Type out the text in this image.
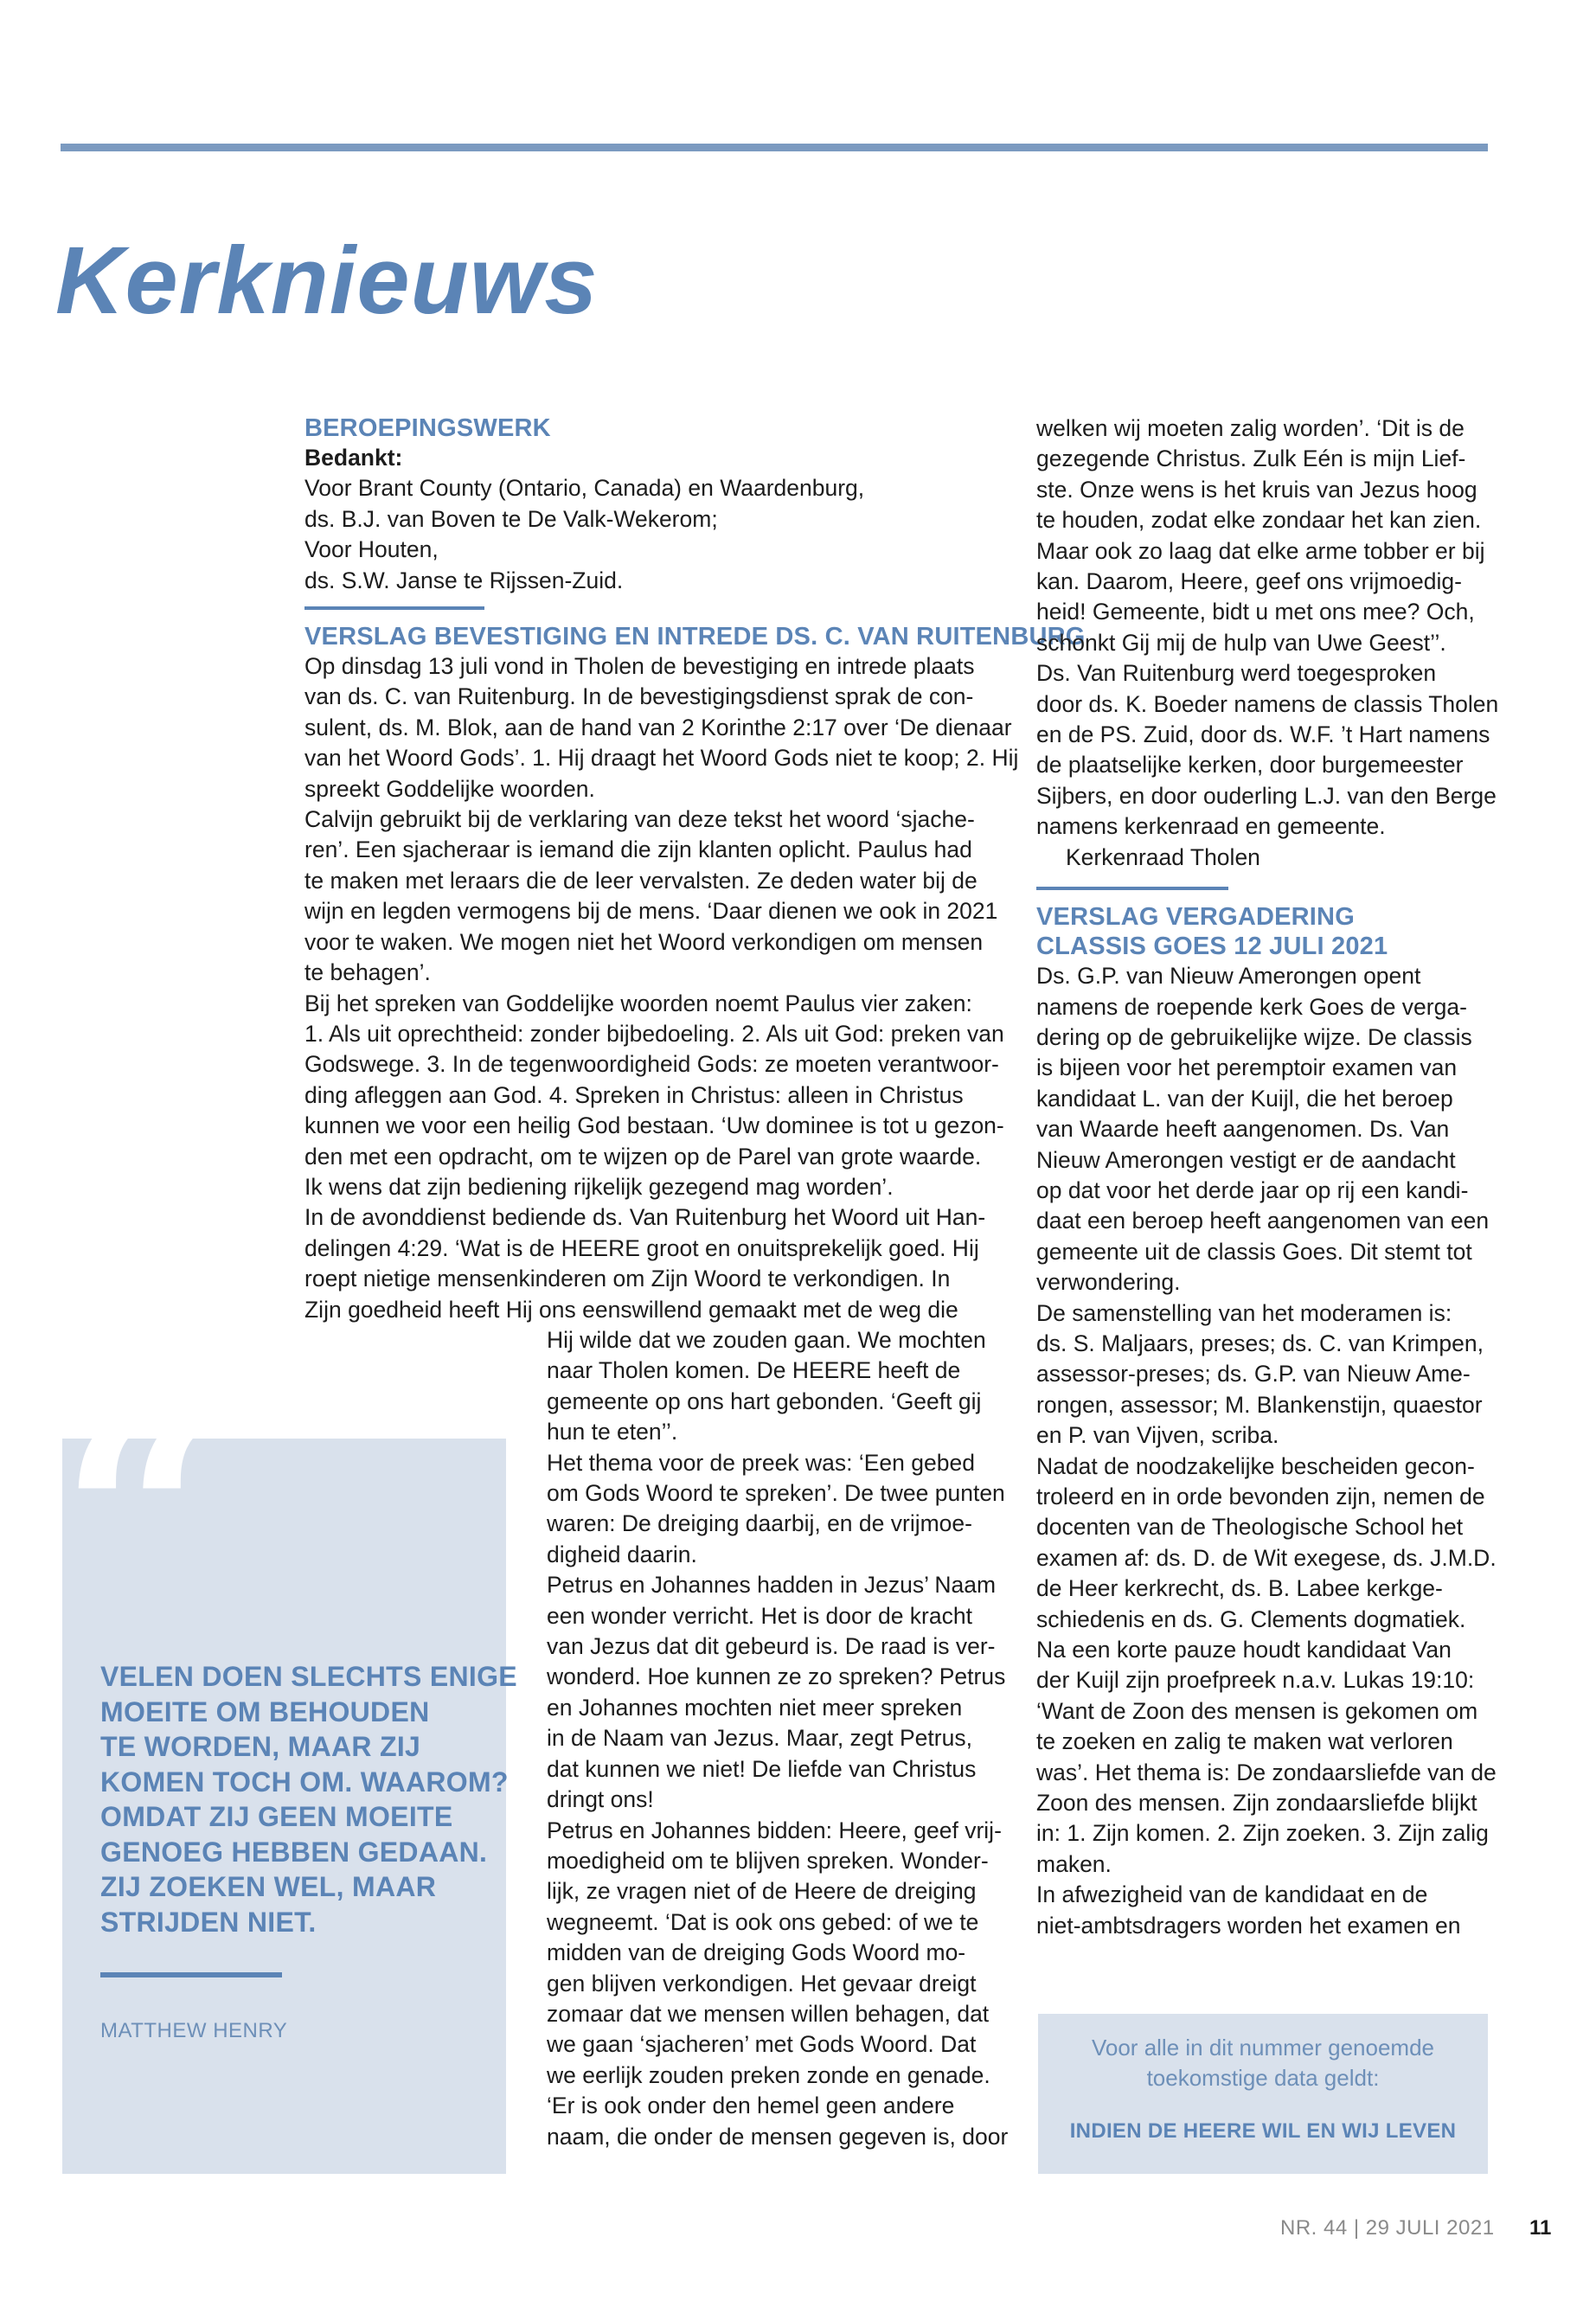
Kerknieuws

BEROEPINGSWERK

Bedankt:

Voor Brant County (Ontario, Canada) en Waardenburg,

ds. B.J. van Boven te De Valk-Wekerom;

Voor Houten,

ds. S.W. Janse te Rijssen-Zuid.

VERSLAG BEVESTIGING EN INTREDE DS. C. VAN RUITENBURG

Op dinsdag 13 juli vond in Tholen de bevestiging en intrede plaats

van ds. C. van Ruitenburg. In de bevestigingsdienst sprak de con-

sulent, ds. M. Blok, aan de hand van 2 Korinthe 2:17 over ‘De dienaar

van het Woord Gods’. 1. Hij draagt het Woord Gods niet te koop; 2. Hij

spreekt Goddelijke woorden.

Calvijn gebruikt bij de verklaring van deze tekst het woord ‘sjache-

ren’. Een sjacheraar is iemand die zijn klanten oplicht. Paulus had

te maken met leraars die de leer vervalsten. Ze deden water bij de

wijn en legden vermogens bij de mens. ‘Daar dienen we ook in 2021

voor te waken. We mogen niet het Woord verkondigen om mensen

te behagen’.

Bij het spreken van Goddelijke woorden noemt Paulus vier zaken:

1. Als uit oprechtheid: zonder bijbedoeling. 2. Als uit God: preken van

Godswege. 3. In de tegenwoordigheid Gods: ze moeten verantwoor-

ding afleggen aan God. 4. Spreken in Christus: alleen in Christus

kunnen we voor een heilig God bestaan. ‘Uw dominee is tot u gezon-

den met een opdracht, om te wijzen op de Parel van grote waarde.

Ik wens dat zijn bediening rijkelijk gezegend mag worden’.

In de avonddienst bediende ds. Van Ruitenburg het Woord uit Han-

delingen 4:29. ‘Wat is de HEERE groot en onuitsprekelijk goed. Hij

roept nietige mensenkinderen om Zijn Woord te verkondigen. In

Zijn goedheid heeft Hij ons eenswillend gemaakt met de weg die

Hij wilde dat we zouden gaan. We mochten

naar Tholen komen. De HEERE heeft de

gemeente op ons hart gebonden. ‘Geeft gij

hun te eten’’.

Het thema voor de preek was: ‘Een gebed

om Gods Woord te spreken’. De twee punten

waren: De dreiging daarbij, en de vrijmoe-

digheid daarin.

Petrus en Johannes hadden in Jezus’ Naam

een wonder verricht. Het is door de kracht

van Jezus dat dit gebeurd is. De raad is ver-

wonderd. Hoe kunnen ze zo spreken? Petrus

en Johannes mochten niet meer spreken

in de Naam van Jezus. Maar, zegt Petrus,

dat kunnen we niet! De liefde van Christus

dringt ons!

Petrus en Johannes bidden: Heere, geef vrij-

moedigheid om te blijven spreken. Wonder-

lijk, ze vragen niet of de Heere de dreiging

wegneemt. ‘Dat is ook ons gebed: of we te

midden van de dreiging Gods Woord mo-

gen blijven verkondigen. Het gevaar dreigt

zomaar dat we mensen willen behagen, dat

we gaan ‘sjacheren’ met Gods Woord. Dat

we eerlijk zouden preken zonde en genade.

‘Er is ook onder den hemel geen andere

naam, die onder de mensen gegeven is, door

welken wij moeten zalig worden’. ‘Dit is de

gezegende Christus. Zulk Eén is mijn Lief-

ste. Onze wens is het kruis van Jezus hoog

te houden, zodat elke zondaar het kan zien.

Maar ook zo laag dat elke arme tobber er bij

kan. Daarom, Heere, geef ons vrijmoedig-

heid! Gemeente, bidt u met ons mee? Och,

schonkt Gij mij de hulp van Uwe Geest’’.

Ds. Van Ruitenburg werd toegesproken

door ds. K. Boeder namens de classis Tholen

en de PS. Zuid, door ds. W.F. ’t Hart namens

de plaatselijke kerken, door burgemeester

Sijbers, en door ouderling L.J. van den Berge

namens kerkenraad en gemeente.

Kerkenraad Tholen

VERSLAG VERGADERING

CLASSIS GOES 12 JULI 2021

Ds. G.P. van Nieuw Amerongen opent

namens de roepende kerk Goes de verga-

dering op de gebruikelijke wijze. De classis

is bijeen voor het peremptoir examen van

kandidaat L. van der Kuijl, die het beroep

van Waarde heeft aangenomen. Ds. Van

Nieuw Amerongen vestigt er de aandacht

op dat voor het derde jaar op rij een kandi-

daat een beroep heeft aangenomen van een

gemeente uit de classis Goes. Dit stemt tot

verwondering.

De samenstelling van het moderamen is:

ds. S. Maljaars, preses; ds. C. van Krimpen,

assessor-preses; ds. G.P. van Nieuw Ame-

rongen, assessor; M. Blankenstijn, quaestor

en P. van Vijven, scriba.

Nadat de noodzakelijke bescheiden gecon-

troleerd en in orde bevonden zijn, nemen de

docenten van de Theologische School het

examen af: ds. D. de Wit exegese, ds. J.M.D.

de Heer kerkrecht, ds. B. Labee kerkge-

schiedenis en ds. G. Clements dogmatiek.

Na een korte pauze houdt kandidaat Van

der Kuijl zijn proefpreek n.a.v. Lukas 19:10:

‘Want de Zoon des mensen is gekomen om

te zoeken en zalig te maken wat verloren

was’. Het thema is: De zondaarsliefde van de

Zoon des mensen. Zijn zondaarsliefde blijkt

in: 1. Zijn komen. 2. Zijn zoeken. 3. Zijn zalig

maken.

In afwezigheid van de kandidaat en de

niet-ambtsdragers worden het examen en

“

VELEN DOEN SLECHTS ENIGE

MOEITE OM BEHOUDEN

TE WORDEN, MAAR ZIJ

KOMEN TOCH OM. WAAROM?

OMDAT ZIJ GEEN MOEITE

GENOEG HEBBEN GEDAAN.

ZIJ ZOEKEN WEL, MAAR

STRIJDEN NIET.

MATTHEW HENRY
Voor alle in dit nummer genoemde
toekomstige data geldt:
INDIEN DE HEERE WIL EN WIJ LEVEN
NR. 44 | 29 JULI 2021 11
